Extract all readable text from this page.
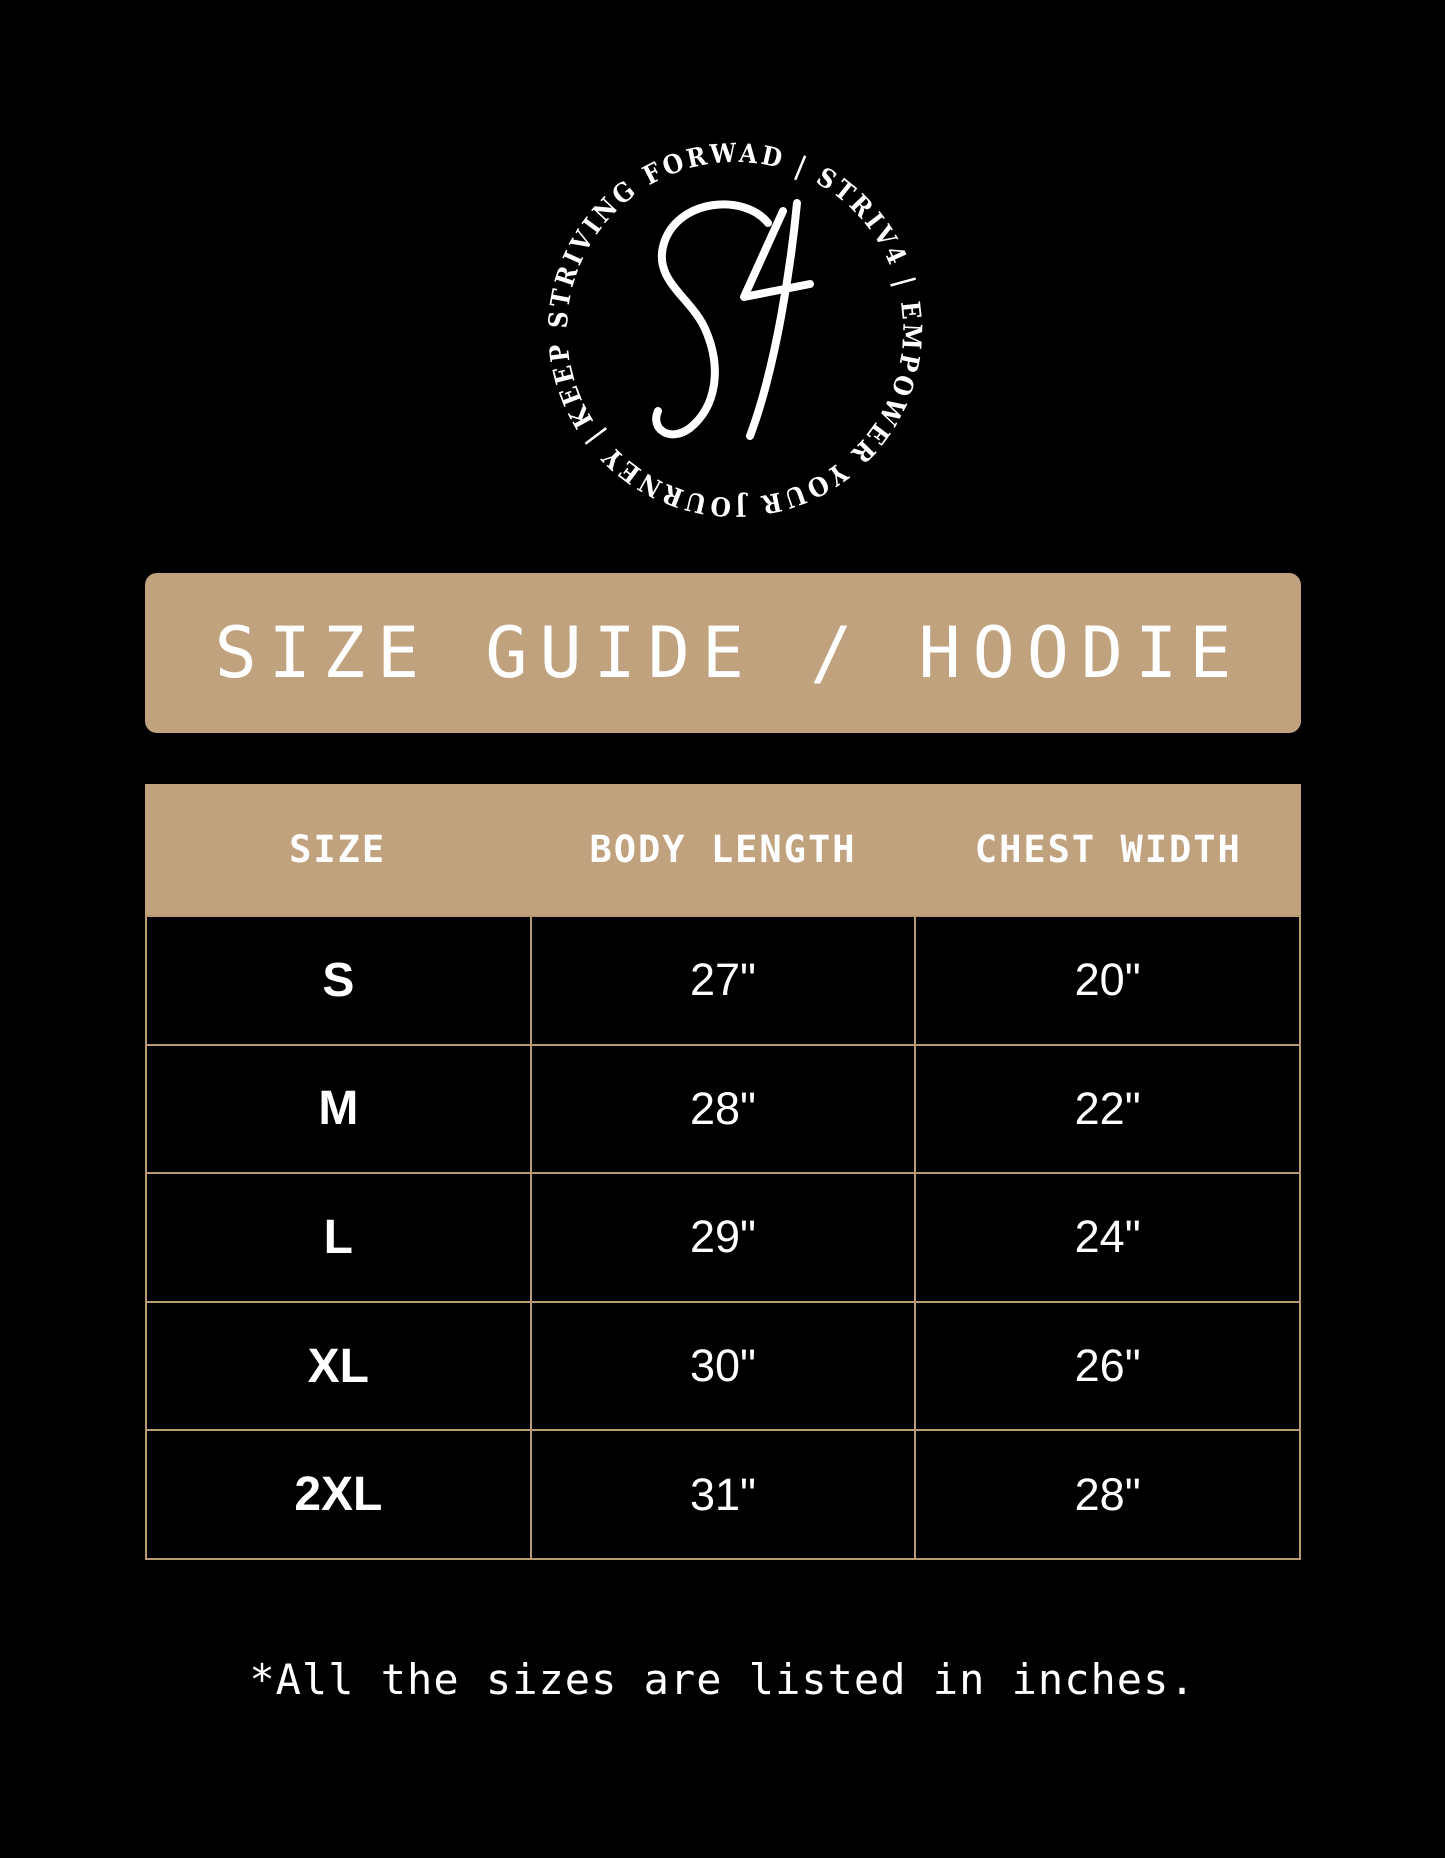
KEEP STRIVING FORWAD | STRIV4 | EMPOWER YOUR JOURNEY |
SIZE GUIDE / HOODIE
SIZE	BODY LENGTH	CHEST WIDTH
S	27"	20"
M	28"	22"
L	29"	24"
XL	30"	26"
2XL	31"	28"
*All the sizes are listed in inches.
